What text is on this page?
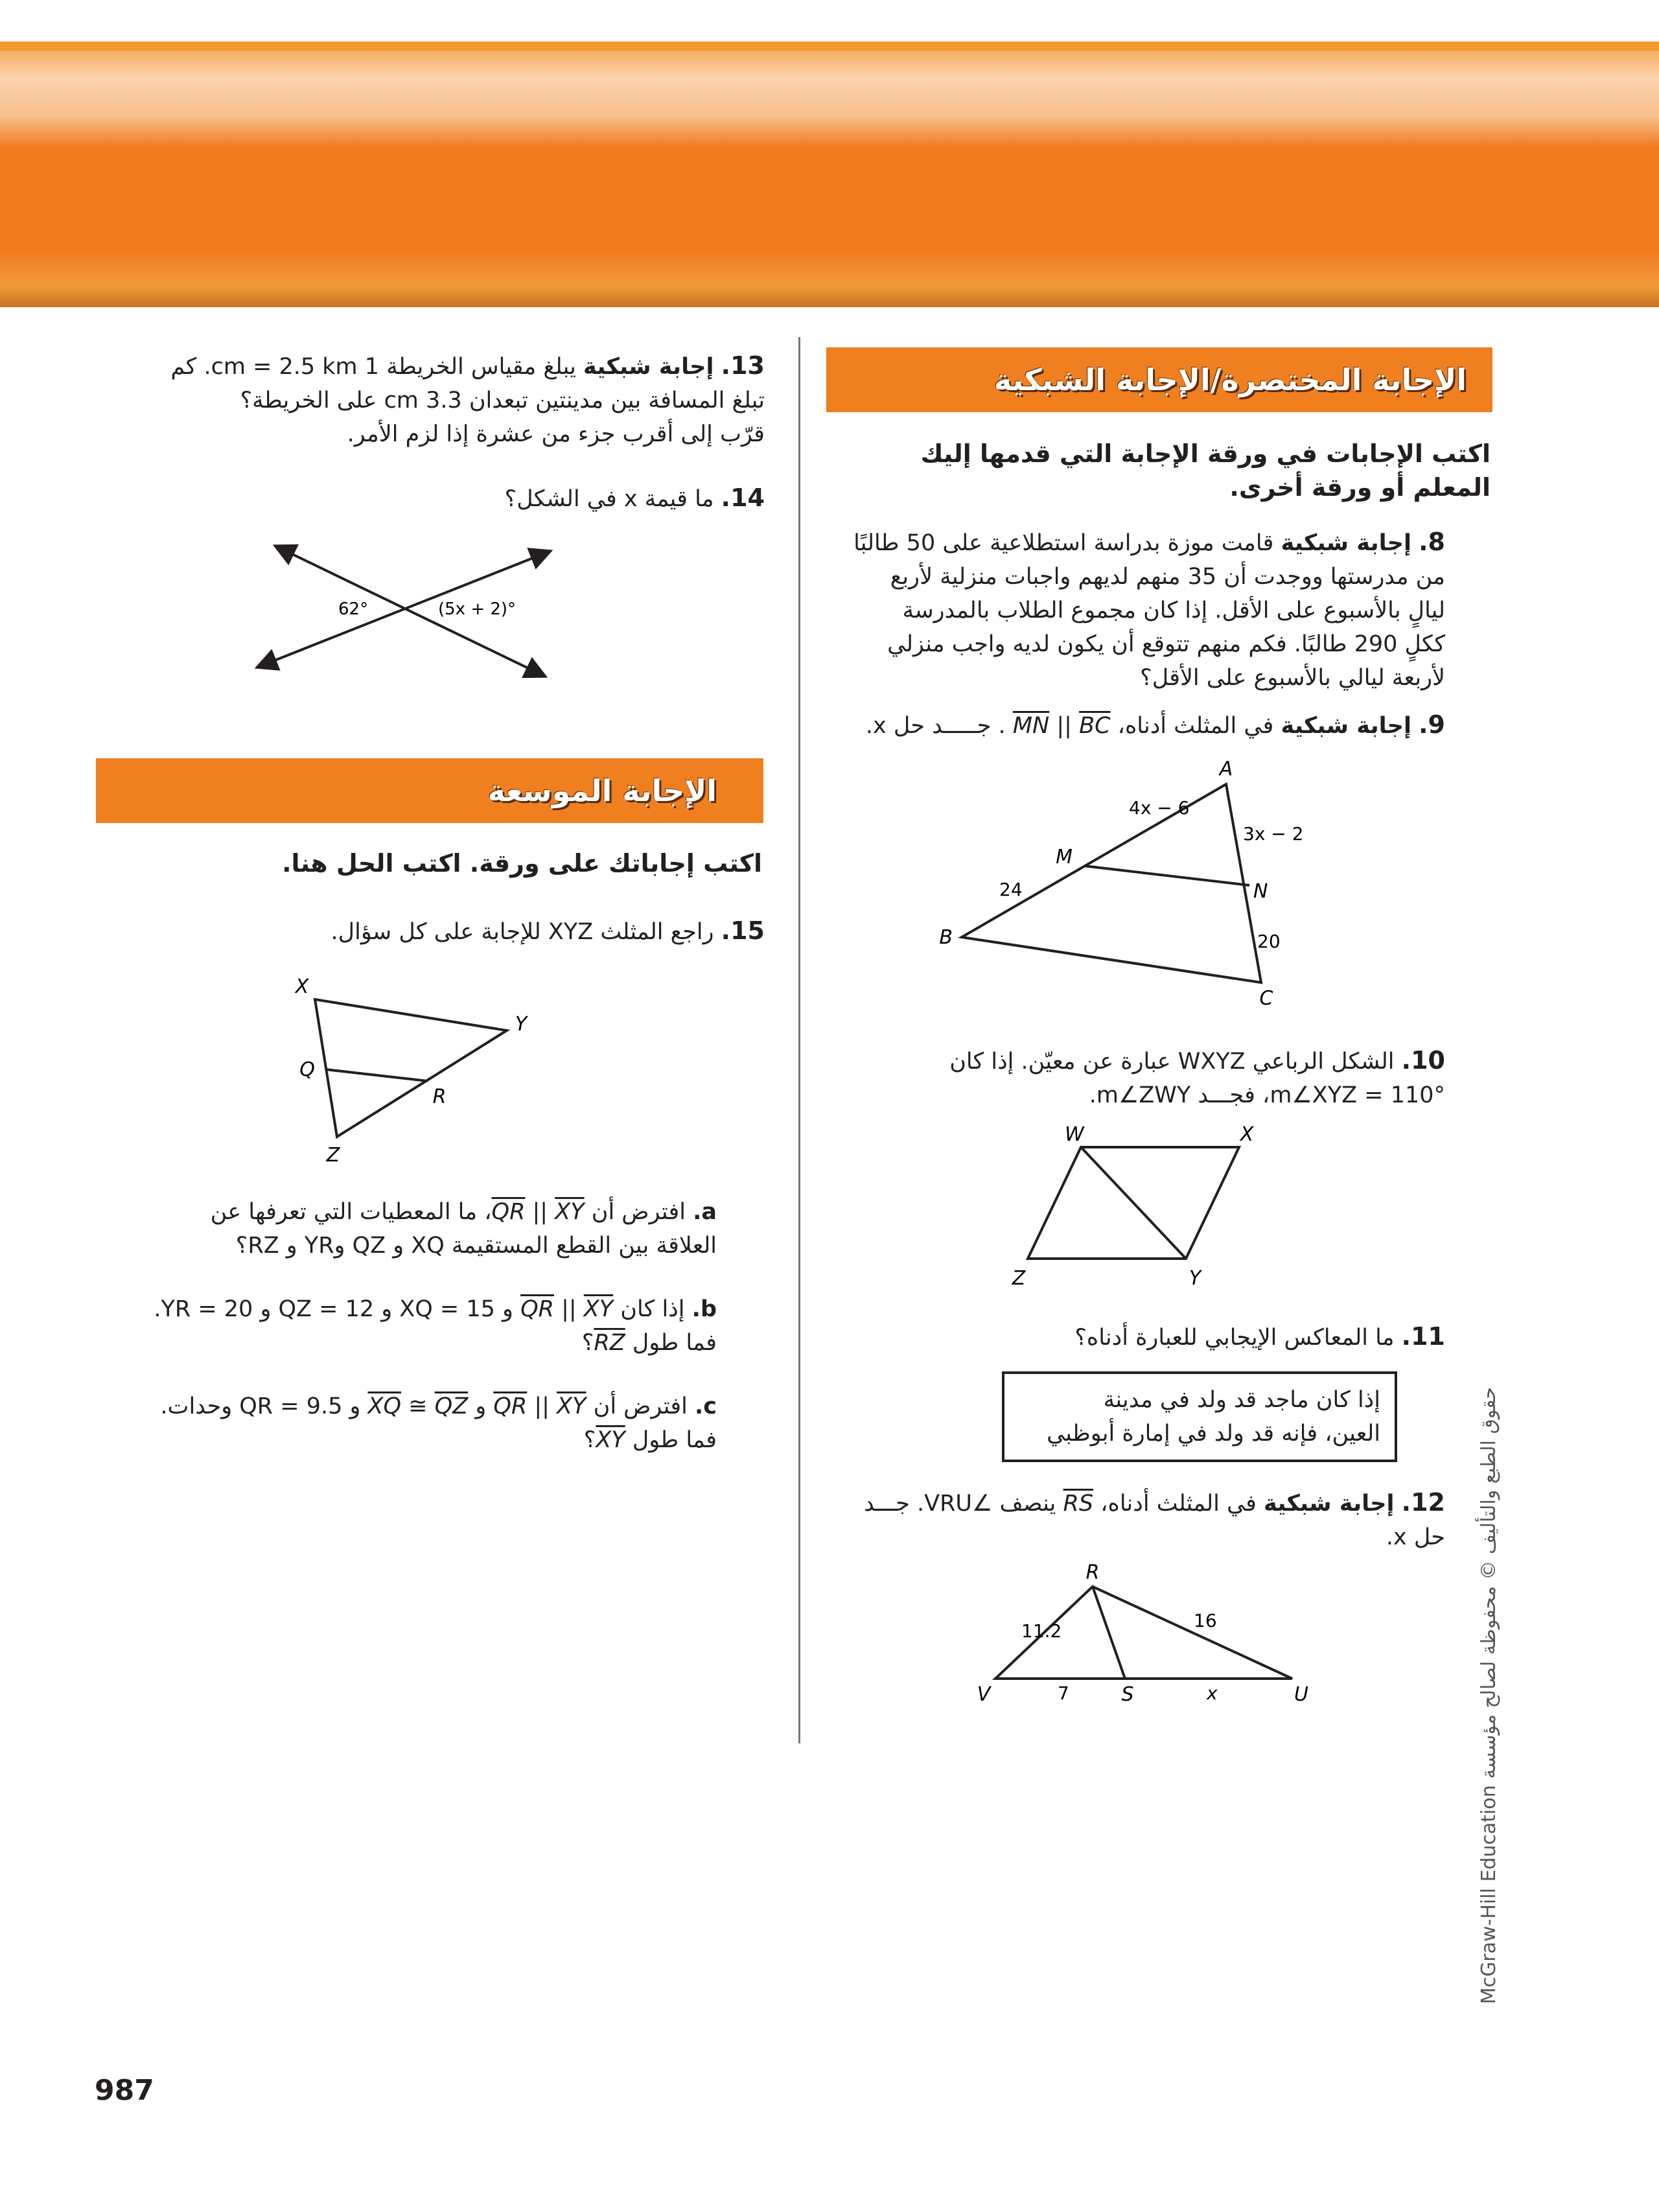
الإجابة المختصرة/الإجابة الشبكية
اكتب الإجابات في ورقة الإجابة التي قدمها إليك المعلم أو ورقة أخرى.
8. إجابة شبكية قامت موزة بدراسة استطلاعية على 50 طالبًا
من مدرستها ووجدت أن 35 منهم لديهم واجبات منزلية لأربع
ليالٍ بالأسبوع على الأقل. إذا كان مجموع الطلاب بالمدرسة
ككلٍ 290 طالبًا. فكم منهم تتوقع أن يكون لديه واجب منزلي
لأربعة ليالي بالأسبوع على الأقل؟
9. إجابة شبكية في المثلث أدناه، $\overline{MN}$ || $\overline{BC}$ . جـــــد حل x.
A
M
N
B
C
4x − 6
3x − 2
24
20
10. الشكل الرباعي WXYZ عبارة عن معيّن. إذا كان
m∠XYZ = 110°، فجـــد m∠ZWY.
W	X
Y
Z
11. ما المعاكس الإيجابي للعبارة أدناه؟
إذا كان ماجد قد ولد في مدينة
العين، فإنه قد ولد في إمارة أبوظبي
12. إجابة شبكية في المثلث أدناه، $\overline{RS}$ ينصف ∠VRU. جـــد
حل x.
R
V	S	U
11.2	16
7	x
13. إجابة شبكية يبلغ مقياس الخريطة 1 cm = 2.5 km. كم
تبلغ المسافة بين مدينتين تبعدان 3.3 cm على الخريطة؟
قرّب إلى أقرب جزء من عشرة إذا لزم الأمر.
14. ما قيمة x في الشكل؟
62°	(5x + 2)°
الإجابة الموسعة
اكتب إجاباتك على ورقة. اكتب الحل هنا.
15. راجع المثلث XYZ للإجابة على كل سؤال.
X
Y
Q
R
Z
a. افترض أن $\overline{QR}$ || $\overline{XY}،$ ما المعطيات التي تعرفها عن
العلاقة بين القطع المستقيمة XQ و QZ وYR و RZ؟
b. إذا كان $\overline{QR}$ || $\overline{XY}$ و XQ = 15 و QZ = 12 و YR = 20.
فما طول $\overline{RZ}؟$
c. افترض أن $\overline{QR}$ || $\overline{XY}$ و $\overline{XQ}$ ≅ $\overline{QZ}$ و QR = 9.5 وحدات.
فما طول $\overline{XY}؟$
987
حقوق الطبع والتأليف © محفوظة لصالح مؤسسة McGraw-Hill Education
